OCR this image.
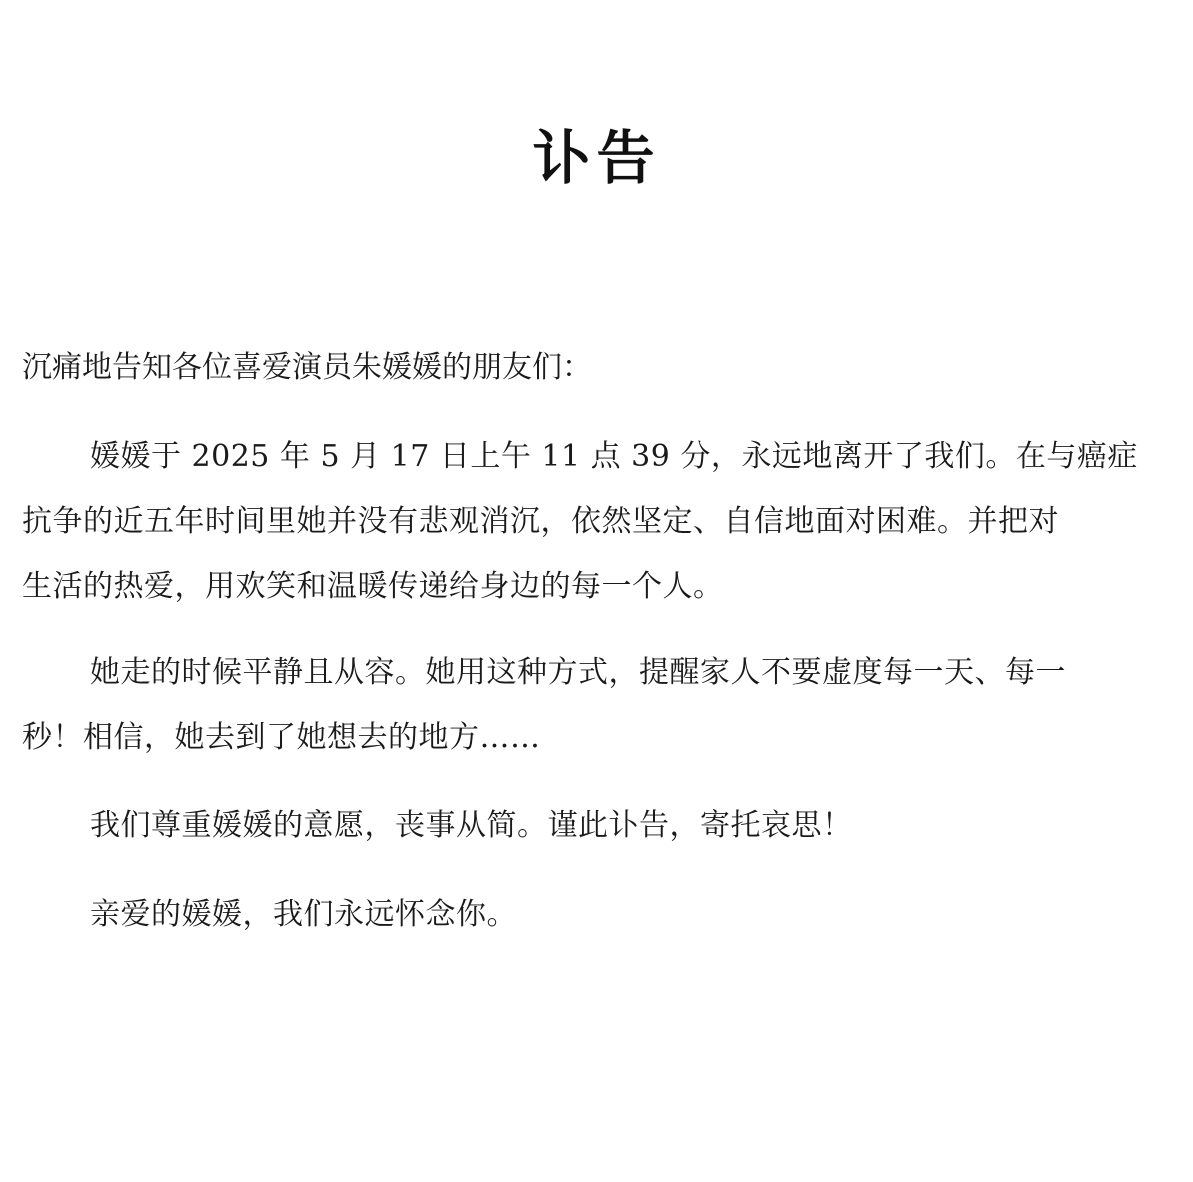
讣告
沉痛地告知各位喜爱演员朱媛媛的朋友们：
媛媛于 2025 年 5 月 17 日上午 11 点 39 分，永远地离开了我们。在与癌症
抗争的近五年时间里她并没有悲观消沉，依然坚定、自信地面对困难。并把对
生活的热爱，用欢笑和温暖传递给身边的每一个人。
她走的时候平静且从容。她用这种方式，提醒家人不要虚度每一天、每一
秒！相信，她去到了她想去的地方……
我们尊重媛媛的意愿，丧事从简。谨此讣告，寄托哀思！
亲爱的媛媛，我们永远怀念你。
